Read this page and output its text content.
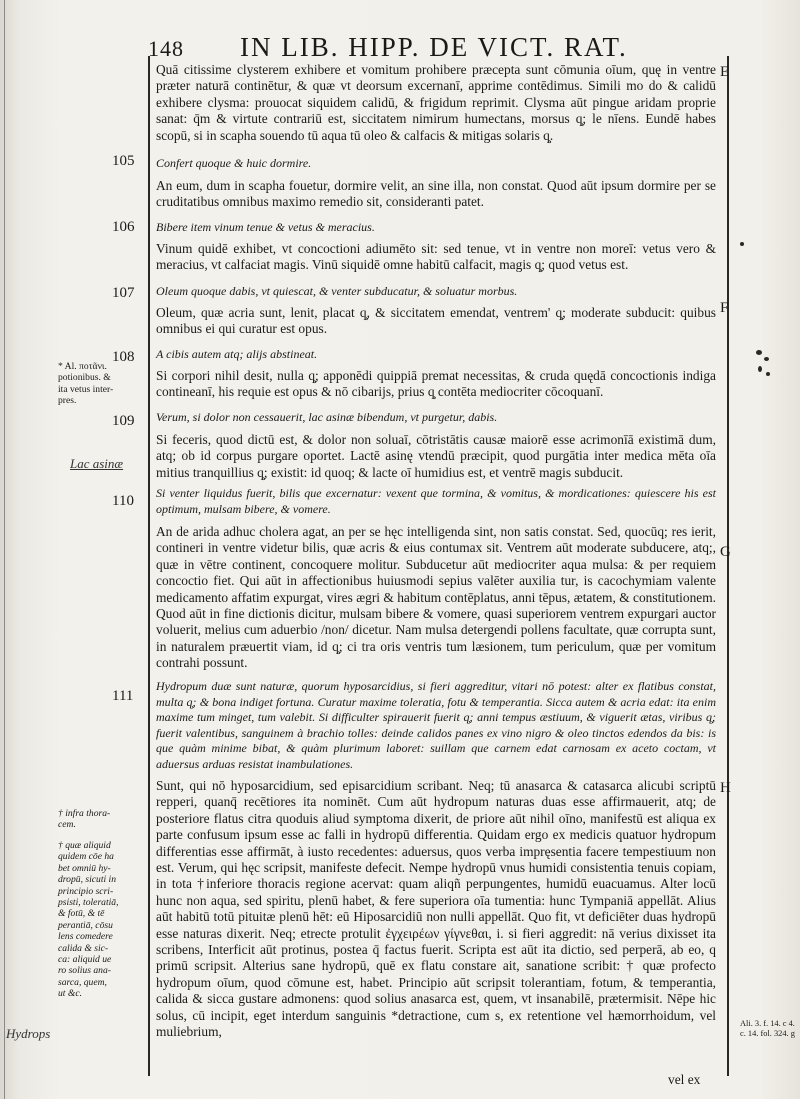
148 IN LIB. HIPP. DE VICT. RAT.
105
106
107
108
109
110
111
E
F
G
H

Quā citissime clysterem exhibere et vomitum prohibere præcepta sunt cōmunia oīum, quę in ventre præter naturā continētur, & quæ vt deorsum excernanī, apprime contēdimus. Simili mo do & calidū exhibere clysma: prouocat siquidem calidū, & frigidum reprimit. Clysma aūt pingue aridam proprie sanat: q̄m & virtute contrariū est, siccitatem nimirum humectans, morsus q̧; le nīens. Eundē habes scopū, si in scapha souendo tū aqua tū oleo & calfacis & mitigas solaris q̧.

Confert quoque & huic dormire.

An eum, dum in scapha fouetur, dormire velit, an sine illa, non constat. Quod aūt ipsum dormire per se cruditatibus omnibus maximo remedio sit, consideranti patet.

Bibere item vinum tenue & vetus & meracius.

Vinum quidē exhibet, vt concoctioni adiumēto sit: sed tenue, vt in ventre non moreī: vetus vero & meracius, vt calfaciat magis. Vinū siquidē omne habitū calfacit, magis q̧; quod vetus est.

Oleum quoque dabis, vt quiescat, & venter subducatur, & soluatur morbus.

Oleum, quæ acria sunt, lenit, placat q̧, & siccitatem emendat, ventrem' q̧; moderate subducit: quibus omnibus ei qui curatur est opus.

A cibis autem atq; alijs abstineat.

Si corpori nihil desit, nulla q̧; apponēdi quippiā premat necessitas, & cruda quędā concoctionis indiga contineanī, his requie est opus & nō cibarijs, prius q̧ contēta mediocriter cōcoquanī.

Verum, si dolor non cessauerit, lac asinæ bibendum, vt purgetur, dabis.

Si feceris, quod dictū est, & dolor non soluaī, cōtristātis causæ maiorē esse acrimonīā existimā dum, atq; ob id corpus purgare oportet. Lactē asinę vtendū præcipit, quod purgātia inter medica mēta oīa mitius tranquillius q̧; existit: id quoq; & lacte oī humidius est, et ventrē magis subducit.

Si venter liquidus fuerit, bilis que excernatur: vexent que tormina, & vomitus, & mordicationes: quiescere his est optimum, mulsam bibere, & vomere.

An de arida adhuc cholera agat, an per se hęc intelligenda sint, non satis constat. Sed, quocūq; res ierit, contineri in ventre videtur bilis, quæ acris & eius contumax sit. Ventrem aūt moderate subducere, atq;, quæ in vētre continent, concoquere molitur. Subducetur aūt mediocriter aqua mulsa: & per requiem concoctio fiet. Qui aūt in affectionibus huiusmodi sepius valēter auxilia tur, is cacochymiam valente medicamento affatim expurgat, vires ægri & habitum contēplatus, anni tēpus, ætatem, & constitutionem. Quod aūt in fine dictionis dicitur, mulsam bibere & vomere, quasi superiorem ventrem expurgari auctor voluerit, melius cum aduerbio /non/ dicetur. Nam mulsa detergendi pollens facultate, quæ corrupta sunt, in naturalem præuertit viam, id q̧; ci tra oris ventris tum læsionem, tum periculum, quæ per vomitum contrahi possunt.

Hydropum duæ sunt naturæ, quorum hyposarcidius, si fieri aggreditur, vitari nō potest: alter ex flatibus constat, multa q̧; & bona indiget fortuna. Curatur maxime toleratia, fotu & temperantia. Sicca autem & acria edat: ita enim maxime tum minget, tum valebit. Si difficulter spirauerit fuerit q̧; anni tempus æstiuum, & viguerit ætas, viribus q̧; fuerit valentibus, sanguinem à brachio tolles: deinde calidos panes ex vino nigro & oleo tinctos edendos da bis: is que quàm minime bibat, & quàm plurimum laboret: suillam que carnem edat carnosam ex aceto coctam, vt aduersus arduas resistat inambulationes.

Sunt, qui nō hyposarcidium, sed episarcidium scribant. Neq; tū anasarca & catasarca alicubi scriptū repperi, quanq̄ recētiores ita nominēt. Cum aūt hydropum naturas duas esse affirmauerit, atq; de posteriore flatus citra quoduis aliud symptoma dixerit, de priore aūt nihil oīno, manifestū est aliqua ex parte confusum ipsum esse ac falli in hydropū differentia. Quidam ergo ex medicis quatuor hydropum differentias esse affirmāt, à iusto recedentes: aduersus, quos verba impręsentia facere tempestiuum non est. Verum, qui hęc scripsit, manifeste defecit. Nempe hydropū vnus humidi consistentia tenuis copiam, in tota †inferiore thoracis regione acervat: quam aliqñ perpungentes, humidū euacuamus. Alter locū hunc non aqua, sed spiritu, plenū habet, & fere superiora oīa tumentia: hunc Tympaniā appellāt. Alius aūt habitū totū pituitæ plenū hēt: eū Hiposarcidiū non nulli appellāt. Quo fit, vt deficiēter duas hydropū esse naturas dixerit. Neq; etrecte protulit ἐγχειρέων γίγνεθαι, i. si fieri aggredit: nā verius dixisset ita scribens, Interficit aūt protinus, postea q̄ factus fuerit. Scripta est aūt ita dictio, sed perperā, ab eo, q primū scripsit. Alterius sane hydropū, quē ex flatu constare ait, sanatione scribit: † quæ profecto hydropum oīum, quod cōmune est, habet. Principio aūt scripsit tolerantiam, fotum, & temperantia, calida & sicca gustare admonens: quod solius anasarca est, quem, vt insanabilē, prætermisit. Nēpe hic solus, cū incipit, eget interdum sanguinis *detractione, cum s, ex retentione vel hæmorrhoidum, vel muliebrium,

vel ex
* Al. ποτᾶνι.
potionibus. &
ita vetus inter-
pres.
Lac asinæ
† infra thora-
cem.
† quæ aliquid
quidem cōe ha
bet omniū hy-
dropū, sicuti in
principio scri-
psisti, toleratiā,
& fotū, & tē
perantiā, cōsu
lens comedere
calida & sic-
ca: aliquid ue
ro solius ana-
sarca, quem,
ut &c.
Hydrops
Ali. 3. f. 14. c 4.
c. 14. fol. 324. g
